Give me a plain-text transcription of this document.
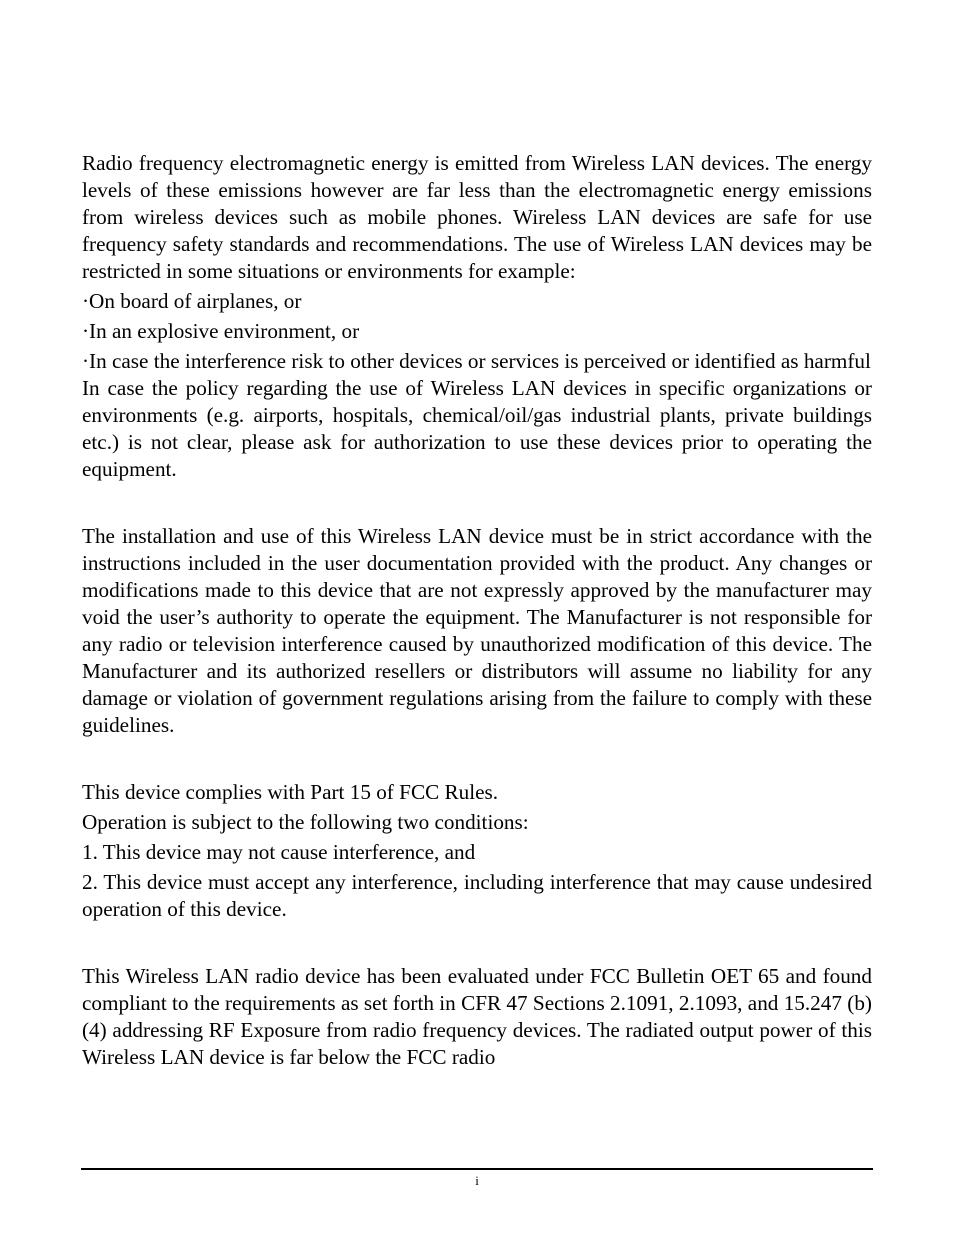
Radio frequency electromagnetic energy is emitted from Wireless LAN devices. The energy levels of these emissions however are far less than the electromagnetic energy emissions from wireless devices such as mobile phones. Wireless LAN devices are safe for use frequency safety standards and recommendations. The use of Wireless LAN devices may be restricted in some situations or environments for example:

·On board of airplanes, or

·In an explosive environment, or

·In case the interference risk to other devices or services is perceived or identified as harmful

In case the policy regarding the use of Wireless LAN devices in specific organizations or environments (e.g. airports, hospitals, chemical/oil/gas industrial plants, private buildings etc.) is not clear, please ask for authorization to use these devices prior to operating the equipment.

The installation and use of this Wireless LAN device must be in strict accordance with the instructions included in the user documentation provided with the product. Any changes or modifications made to this device that are not expressly approved by the manufacturer may void the user’s authority to operate the equipment. The Manufacturer is not responsible for any radio or television interference caused by unauthorized modification of this device. The Manufacturer and its authorized resellers or distributors will assume no liability for any damage or violation of government regulations arising from the failure to comply with these guidelines.

This device complies with Part 15 of FCC Rules.

Operation is subject to the following two conditions:

1. This device may not cause interference, and

2. This device must accept any interference, including interference that may cause undesired operation of this device.

This Wireless LAN radio device has been evaluated under FCC Bulletin OET 65 and found compliant to the requirements as set forth in CFR 47 Sections 2.1091, 2.1093, and 15.247 (b) (4) addressing RF Exposure from radio frequency devices. The radiated output power of this Wireless LAN device is far below the FCC radio

i
